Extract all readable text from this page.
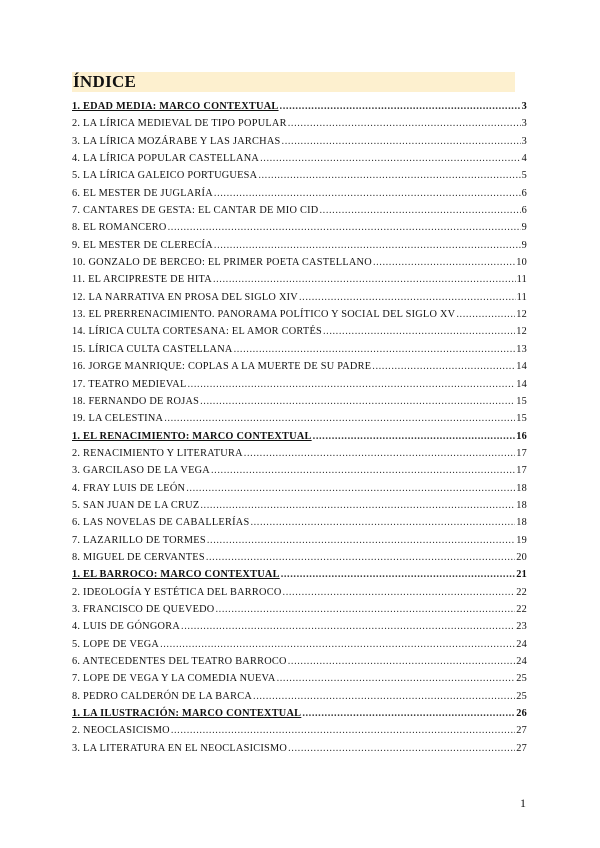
ÍNDICE
1. EDAD MEDIA: MARCO CONTEXTUAL .....	3
2. LA LÍRICA MEDIEVAL DE TIPO POPULAR .....	3
3. LA LÍRICA MOZÁRABE Y LAS JARCHAS .....	3
4. LA LÍRICA POPULAR CASTELLANA .....	4
5. LA LÍRICA GALEICO PORTUGUESA .....	5
6. EL MESTER DE JUGLARÍA .....	6
7. CANTARES DE GESTA: EL CANTAR DE MIO CID .....	6
8. EL ROMANCERO .....	9
9. EL MESTER DE CLERECÍA .....	9
10. GONZALO DE BERCEO: EL PRIMER POETA CASTELLANO .....	10
11. EL ARCIPRESTE DE HITA .....	11
12. LA NARRATIVA EN PROSA DEL SIGLO XIV .....	11
13. EL PRERRENACIMIENTO. PANORAMA POLÍTICO Y SOCIAL DEL SIGLO XV .....	12
14. LÍRICA CULTA CORTESANA: EL AMOR CORTÉS .....	12
15. LÍRICA CULTA CASTELLANA .....	13
16. JORGE MANRIQUE: COPLAS A LA MUERTE DE SU PADRE .....	14
17. TEATRO MEDIEVAL .....	14
18. FERNANDO DE ROJAS .....	15
19. LA CELESTINA .....	15
1. EL RENACIMIENTO: MARCO CONTEXTUAL .....	16
2. RENACIMIENTO Y LITERATURA .....	17
3. GARCILASO DE LA VEGA .....	17
4. FRAY LUIS DE LEÓN .....	18
5. SAN JUAN DE LA CRUZ .....	18
6. LAS NOVELAS DE CABALLERÍAS .....	18
7. LAZARILLO DE TORMES .....	19
8. MIGUEL DE CERVANTES .....	20
1. EL BARROCO: MARCO CONTEXTUAL .....	21
2. IDEOLOGÍA Y ESTÉTICA DEL BARROCO .....	22
3. FRANCISCO DE QUEVEDO .....	22
4. LUIS DE GÓNGORA .....	23
5. LOPE DE VEGA .....	24
6. ANTECEDENTES DEL TEATRO BARROCO .....	24
7. LOPE DE VEGA Y LA COMEDIA NUEVA .....	25
8. PEDRO CALDERÓN DE LA BARCA .....	25
1. LA ILUSTRACIÓN: MARCO CONTEXTUAL .....	26
2. NEOCLASICISMO .....	27
3. LA LITERATURA EN EL NEOCLASICISMO .....	27
1
